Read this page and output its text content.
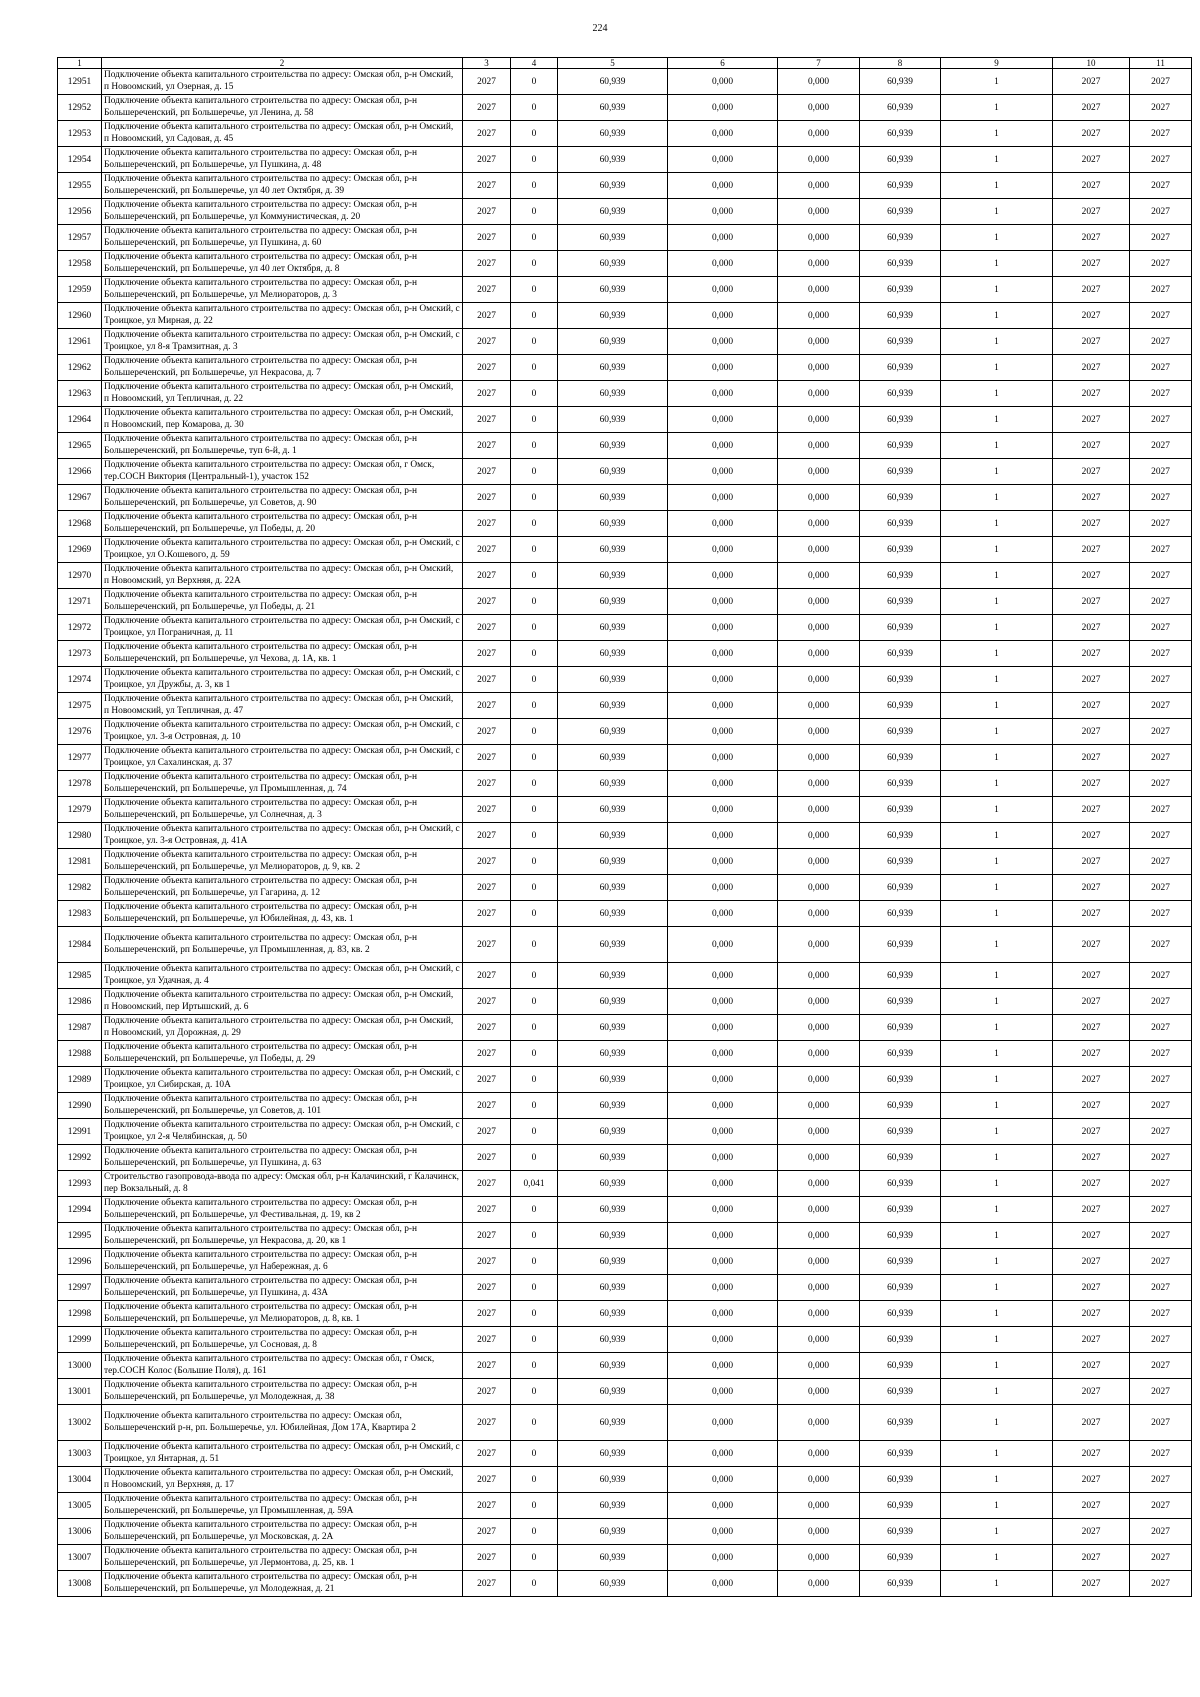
224
1	2	3	4	5	6	7	8	9	10	11
12951	Подключение объекта капитального строительства по адресу: Омская обл, р-н Омский, п Новоомский, ул Озерная, д. 15	2027	0	60,939	0,000	0,000	60,939	1	2027	2027
12952	Подключение объекта капитального строительства по адресу: Омская обл, р-н Большереченский, рп Большеречье, ул Ленина, д. 58	2027	0	60,939	0,000	0,000	60,939	1	2027	2027
12953	Подключение объекта капитального строительства по адресу: Омская обл, р-н Омский, п Новоомский, ул Садовая, д. 45	2027	0	60,939	0,000	0,000	60,939	1	2027	2027
12954	Подключение объекта капитального строительства по адресу: Омская обл, р-н Большереченский, рп Большеречье, ул Пушкина, д. 48	2027	0	60,939	0,000	0,000	60,939	1	2027	2027
12955	Подключение объекта капитального строительства по адресу: Омская обл, р-н Большереченский, рп Большеречье, ул 40 лет Октября, д. 39	2027	0	60,939	0,000	0,000	60,939	1	2027	2027
12956	Подключение объекта капитального строительства по адресу: Омская обл, р-н Большереченский, рп Большеречье, ул Коммунистическая, д. 20	2027	0	60,939	0,000	0,000	60,939	1	2027	2027
12957	Подключение объекта капитального строительства по адресу: Омская обл, р-н Большереченский, рп Большеречье, ул Пушкина, д. 60	2027	0	60,939	0,000	0,000	60,939	1	2027	2027
12958	Подключение объекта капитального строительства по адресу: Омская обл, р-н Большереченский, рп Большеречье, ул 40 лет Октября, д. 8	2027	0	60,939	0,000	0,000	60,939	1	2027	2027
12959	Подключение объекта капитального строительства по адресу: Омская обл, р-н Большереченский, рп Большеречье, ул Мелиораторов, д. 3	2027	0	60,939	0,000	0,000	60,939	1	2027	2027
12960	Подключение объекта капитального строительства по адресу: Омская обл, р-н Омский, с Троицкое, ул Мирная, д. 22	2027	0	60,939	0,000	0,000	60,939	1	2027	2027
12961	Подключение объекта капитального строительства по адресу: Омская обл, р-н Омский, с Троицкое, ул 8-я Трамзитная, д. 3	2027	0	60,939	0,000	0,000	60,939	1	2027	2027
12962	Подключение объекта капитального строительства по адресу: Омская обл, р-н Большереченский, рп Большеречье, ул Некрасова, д. 7	2027	0	60,939	0,000	0,000	60,939	1	2027	2027
12963	Подключение объекта капитального строительства по адресу: Омская обл, р-н Омский, п Новоомский, ул Тепличная, д. 22	2027	0	60,939	0,000	0,000	60,939	1	2027	2027
12964	Подключение объекта капитального строительства по адресу: Омская обл, р-н Омский, п Новоомский, пер Комарова, д. 30	2027	0	60,939	0,000	0,000	60,939	1	2027	2027
12965	Подключение объекта капитального строительства по адресу: Омская обл, р-н Большереченский, рп Большеречье, туп 6-й, д. 1	2027	0	60,939	0,000	0,000	60,939	1	2027	2027
12966	Подключение объекта капитального строительства по адресу: Омская обл, г Омск, тер.СОСН Виктория (Центральный-1), участок 152	2027	0	60,939	0,000	0,000	60,939	1	2027	2027
12967	Подключение объекта капитального строительства по адресу: Омская обл, р-н Большереченский, рп Большеречье, ул Советов, д. 90	2027	0	60,939	0,000	0,000	60,939	1	2027	2027
12968	Подключение объекта капитального строительства по адресу: Омская обл, р-н Большереченский, рп Большеречье, ул Победы, д. 20	2027	0	60,939	0,000	0,000	60,939	1	2027	2027
12969	Подключение объекта капитального строительства по адресу: Омская обл, р-н Омский, с Троицкое, ул О.Кошевого, д. 59	2027	0	60,939	0,000	0,000	60,939	1	2027	2027
12970	Подключение объекта капитального строительства по адресу: Омская обл, р-н Омский, п Новоомский, ул Верхняя, д. 22А	2027	0	60,939	0,000	0,000	60,939	1	2027	2027
12971	Подключение объекта капитального строительства по адресу: Омская обл, р-н Большереченский, рп Большеречье, ул Победы, д. 21	2027	0	60,939	0,000	0,000	60,939	1	2027	2027
12972	Подключение объекта капитального строительства по адресу: Омская обл, р-н Омский, с Троицкое, ул Пограничная, д. 11	2027	0	60,939	0,000	0,000	60,939	1	2027	2027
12973	Подключение объекта капитального строительства по адресу: Омская обл, р-н Большереченский, рп Большеречье, ул Чехова, д. 1А, кв. 1	2027	0	60,939	0,000	0,000	60,939	1	2027	2027
12974	Подключение объекта капитального строительства по адресу: Омская обл, р-н Омский, с Троицкое, ул Дружбы, д. 3, кв 1	2027	0	60,939	0,000	0,000	60,939	1	2027	2027
12975	Подключение объекта капитального строительства по адресу: Омская обл, р-н Омский, п Новоомский, ул Тепличная, д. 47	2027	0	60,939	0,000	0,000	60,939	1	2027	2027
12976	Подключение объекта капитального строительства по адресу: Омская обл, р-н Омский, с Троицкое, ул. 3-я Островная, д. 10	2027	0	60,939	0,000	0,000	60,939	1	2027	2027
12977	Подключение объекта капитального строительства по адресу: Омская обл, р-н Омский, с Троицкое, ул Сахалинская, д. 37	2027	0	60,939	0,000	0,000	60,939	1	2027	2027
12978	Подключение объекта капитального строительства по адресу: Омская обл, р-н Большереченский, рп Большеречье, ул Промышленная, д. 74	2027	0	60,939	0,000	0,000	60,939	1	2027	2027
12979	Подключение объекта капитального строительства по адресу: Омская обл, р-н Большереченский, рп Большеречье, ул Солнечная, д. 3	2027	0	60,939	0,000	0,000	60,939	1	2027	2027
12980	Подключение объекта капитального строительства по адресу: Омская обл, р-н Омский, с Троицкое, ул. 3-я Островная, д. 41А	2027	0	60,939	0,000	0,000	60,939	1	2027	2027
12981	Подключение объекта капитального строительства по адресу: Омская обл, р-н Большереченский, рп Большеречье, ул Мелиораторов, д. 9, кв. 2	2027	0	60,939	0,000	0,000	60,939	1	2027	2027
12982	Подключение объекта капитального строительства по адресу: Омская обл, р-н Большереченский, рп Большеречье, ул Гагарина, д. 12	2027	0	60,939	0,000	0,000	60,939	1	2027	2027
12983	Подключение объекта капитального строительства по адресу: Омская обл, р-н Большереченский, рп Большеречье, ул Юбилейная, д. 43, кв. 1	2027	0	60,939	0,000	0,000	60,939	1	2027	2027
12984	Подключение объекта капитального строительства по адресу: Омская обл, р-н Большереченский, рп Большеречье, ул Промышленная, д. 83, кв. 2	2027	0	60,939	0,000	0,000	60,939	1	2027	2027
12985	Подключение объекта капитального строительства по адресу: Омская обл, р-н Омский, с Троицкое, ул Удачная, д. 4	2027	0	60,939	0,000	0,000	60,939	1	2027	2027
12986	Подключение объекта капитального строительства по адресу: Омская обл, р-н Омский, п Новоомский, пер Иртышский, д. 6	2027	0	60,939	0,000	0,000	60,939	1	2027	2027
12987	Подключение объекта капитального строительства по адресу: Омская обл, р-н Омский, п Новоомский, ул Дорожная, д. 29	2027	0	60,939	0,000	0,000	60,939	1	2027	2027
12988	Подключение объекта капитального строительства по адресу: Омская обл, р-н Большереченский, рп Большеречье, ул Победы, д. 29	2027	0	60,939	0,000	0,000	60,939	1	2027	2027
12989	Подключение объекта капитального строительства по адресу: Омская обл, р-н Омский, с Троицкое, ул Сибирская, д. 10А	2027	0	60,939	0,000	0,000	60,939	1	2027	2027
12990	Подключение объекта капитального строительства по адресу: Омская обл, р-н Большереченский, рп Большеречье, ул Советов, д. 101	2027	0	60,939	0,000	0,000	60,939	1	2027	2027
12991	Подключение объекта капитального строительства по адресу: Омская обл, р-н Омский, с Троицкое, ул 2-я Челябинская, д. 50	2027	0	60,939	0,000	0,000	60,939	1	2027	2027
12992	Подключение объекта капитального строительства по адресу: Омская обл, р-н Большереченский, рп Большеречье, ул Пушкина, д. 63	2027	0	60,939	0,000	0,000	60,939	1	2027	2027
12993	Строительство газопровода-ввода по адресу: Омская обл, р-н Калачинский, г Калачинск, пер Вокзальный, д. 8	2027	0,041	60,939	0,000	0,000	60,939	1	2027	2027
12994	Подключение объекта капитального строительства по адресу: Омская обл, р-н Большереченский, рп Большеречье, ул Фестивальная, д. 19, кв 2	2027	0	60,939	0,000	0,000	60,939	1	2027	2027
12995	Подключение объекта капитального строительства по адресу: Омская обл, р-н Большереченский, рп Большеречье, ул Некрасова, д. 20, кв 1	2027	0	60,939	0,000	0,000	60,939	1	2027	2027
12996	Подключение объекта капитального строительства по адресу: Омская обл, р-н Большереченский, рп Большеречье, ул Набережная, д. 6	2027	0	60,939	0,000	0,000	60,939	1	2027	2027
12997	Подключение объекта капитального строительства по адресу: Омская обл, р-н Большереченский, рп Большеречье, ул Пушкина, д. 43А	2027	0	60,939	0,000	0,000	60,939	1	2027	2027
12998	Подключение объекта капитального строительства по адресу: Омская обл, р-н Большереченский, рп Большеречье, ул Мелиораторов, д. 8, кв. 1	2027	0	60,939	0,000	0,000	60,939	1	2027	2027
12999	Подключение объекта капитального строительства по адресу: Омская обл, р-н Большереченский, рп Большеречье, ул Сосновая, д. 8	2027	0	60,939	0,000	0,000	60,939	1	2027	2027
13000	Подключение объекта капитального строительства по адресу: Омская обл, г Омск, тер.СОСН Колос (Большие Поля), д. 161	2027	0	60,939	0,000	0,000	60,939	1	2027	2027
13001	Подключение объекта капитального строительства по адресу: Омская обл, р-н Большереченский, рп Большеречье, ул Молодежная, д. 38	2027	0	60,939	0,000	0,000	60,939	1	2027	2027
13002	Подключение объекта капитального строительства по адресу: Омская обл, Большереченский р-н, рп. Большеречье, ул. Юбилейная, Дом 17А, Квартира 2	2027	0	60,939	0,000	0,000	60,939	1	2027	2027
13003	Подключение объекта капитального строительства по адресу: Омская обл, р-н Омский, с Троицкое, ул Янтарная, д. 51	2027	0	60,939	0,000	0,000	60,939	1	2027	2027
13004	Подключение объекта капитального строительства по адресу: Омская обл, р-н Омский, п Новоомский, ул Верхняя, д. 17	2027	0	60,939	0,000	0,000	60,939	1	2027	2027
13005	Подключение объекта капитального строительства по адресу: Омская обл, р-н Большереченский, рп Большеречье, ул Промышленная, д. 59А	2027	0	60,939	0,000	0,000	60,939	1	2027	2027
13006	Подключение объекта капитального строительства по адресу: Омская обл, р-н Большереченский, рп Большеречье, ул Московская, д. 2А	2027	0	60,939	0,000	0,000	60,939	1	2027	2027
13007	Подключение объекта капитального строительства по адресу: Омская обл, р-н Большереченский, рп Большеречье, ул Лермонтова, д. 25, кв. 1	2027	0	60,939	0,000	0,000	60,939	1	2027	2027
13008	Подключение объекта капитального строительства по адресу: Омская обл, р-н Большереченский, рп Большеречье, ул Молодежная, д. 21	2027	0	60,939	0,000	0,000	60,939	1	2027	2027
